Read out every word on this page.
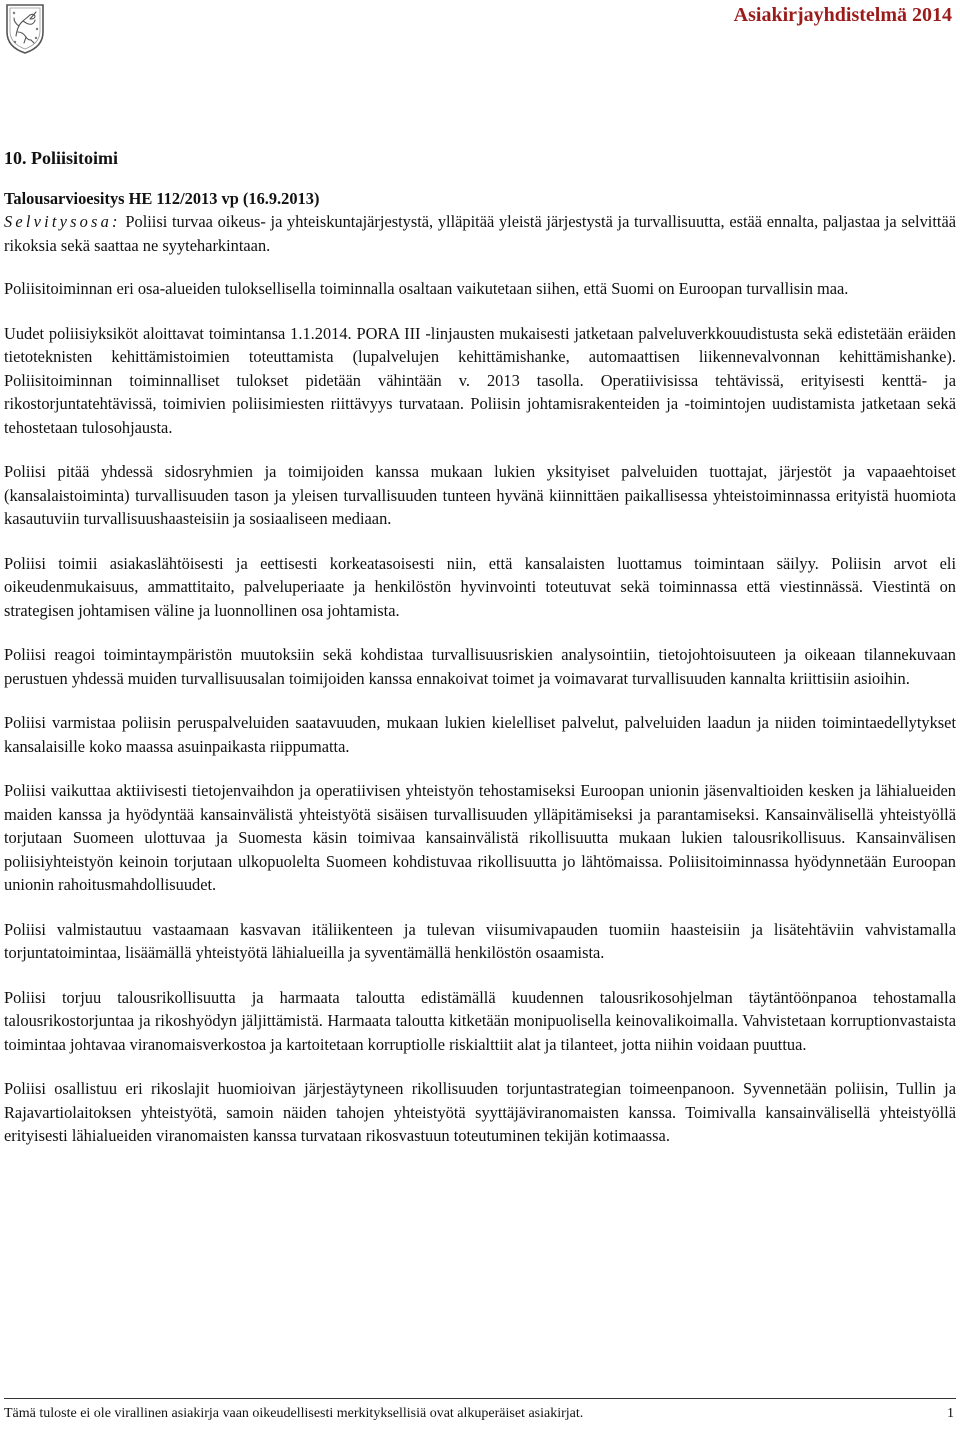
Asiakirjayhdistelmä 2014
10. Poliisitoimi
Talousarvioesitys HE 112/2013 vp (16.9.2013)

Selvitysosa: Poliisi turvaa oikeus- ja yhteiskuntajärjestystä, ylläpitää yleistä järjestystä ja turvallisuutta, estää ennalta, paljastaa ja selvittää rikoksia sekä saattaa ne syyteharkintaan.

Poliisitoiminnan eri osa-alueiden tuloksellisella toiminnalla osaltaan vaikutetaan siihen, että Suomi on Euroopan turvallisin maa.

Uudet poliisiyksiköt aloittavat toimintansa 1.1.2014. PORA III -linjausten mukaisesti jatketaan palveluverkkouudistusta sekä edistetään eräiden tietoteknisten kehittämistoimien toteuttamista (lupalvelujen kehittämishanke, automaattisen liikennevalvonnan kehittämishanke). Poliisitoiminnan toiminnalliset tulokset pidetään vähintään v. 2013 tasolla. Operatiivisissa tehtävissä, erityisesti kenttä- ja rikostorjuntatehtävissä, toimivien poliisimiesten riittävyys turvataan. Poliisin johtamisrakenteiden ja -toimintojen uudistamista jatketaan sekä tehostetaan tulosohjausta.

Poliisi pitää yhdessä sidosryhmien ja toimijoiden kanssa mukaan lukien yksityiset palveluiden tuottajat, järjestöt ja vapaaehtoiset (kansalaistoiminta) turvallisuuden tason ja yleisen turvallisuuden tunteen hyvänä kiinnittäen paikallisessa yhteistoiminnassa erityistä huomiota kasautuviin turvallisuushaasteisiin ja sosiaaliseen mediaan.

Poliisi toimii asiakaslähtöisesti ja eettisesti korkeatasoisesti niin, että kansalaisten luottamus toimintaan säilyy. Poliisin arvot eli oikeudenmukaisuus, ammattitaito, palveluperiaate ja henkilöstön hyvinvointi toteutuvat sekä toiminnassa että viestinnässä. Viestintä on strategisen johtamisen väline ja luonnollinen osa johtamista.

Poliisi reagoi toimintaympäristön muutoksiin sekä kohdistaa turvallisuusriskien analysointiin, tietojohtoisuuteen ja oikeaan tilannekuvaan perustuen yhdessä muiden turvallisuusalan toimijoiden kanssa ennakoivat toimet ja voimavarat turvallisuuden kannalta kriittisiin asioihin.

Poliisi varmistaa poliisin peruspalveluiden saatavuuden, mukaan lukien kielelliset palvelut, palveluiden laadun ja niiden toimintaedellytykset kansalaisille koko maassa asuinpaikasta riippumatta.

Poliisi vaikuttaa aktiivisesti tietojenvaihdon ja operatiivisen yhteistyön tehostamiseksi Euroopan unionin jäsenvaltioiden kesken ja lähialueiden maiden kanssa ja hyödyntää kansainvälistä yhteistyötä sisäisen turvallisuuden ylläpitämiseksi ja parantamiseksi. Kansainvälisellä yhteistyöllä torjutaan Suomeen ulottuvaa ja Suomesta käsin toimivaa kansainvälistä rikollisuutta mukaan lukien talousrikollisuus. Kansainvälisen poliisiyhteistyön keinoin torjutaan ulkopuolelta Suomeen kohdistuvaa rikollisuutta jo lähtömaissa. Poliisitoiminnassa hyödynnetään Euroopan unionin rahoitusmahdollisuudet.

Poliisi valmistautuu vastaamaan kasvavan itäliikenteen ja tulevan viisumivapauden tuomiin haasteisiin ja lisätehtäviin vahvistamalla torjuntatoimintaa, lisäämällä yhteistyötä lähialueilla ja syventämällä henkilöstön osaamista.

Poliisi torjuu talousrikollisuutta ja harmaata taloutta edistämällä kuudennen talousrikosohjelman täytäntöönpanoa tehostamalla talousrikostorjuntaa ja rikoshyödyn jäljittämistä. Harmaata taloutta kitketään monipuolisella keinovalikoimalla. Vahvistetaan korruptionvastaista toimintaa johtavaa viranomaisverkostoa ja kartoitetaan korruptiolle riskialttiit alat ja tilanteet, jotta niihin voidaan puuttua.

Poliisi osallistuu eri rikoslajit huomioivan järjestäytyneen rikollisuuden torjuntastrategian toimeenpanoon. Syvennetään poliisin, Tullin ja Rajavartiolaitoksen yhteistyötä, samoin näiden tahojen yhteistyötä syyttäjäviranomaisten kanssa. Toimivalla kansainvälisellä yhteistyöllä erityisesti lähialueiden viranomaisten kanssa turvataan rikosvastuun toteutuminen tekijän kotimaassa.

Tämä tuloste ei ole virallinen asiakirja vaan oikeudellisesti merkityksellisiä ovat alkuperäiset asiakirjat.	1
